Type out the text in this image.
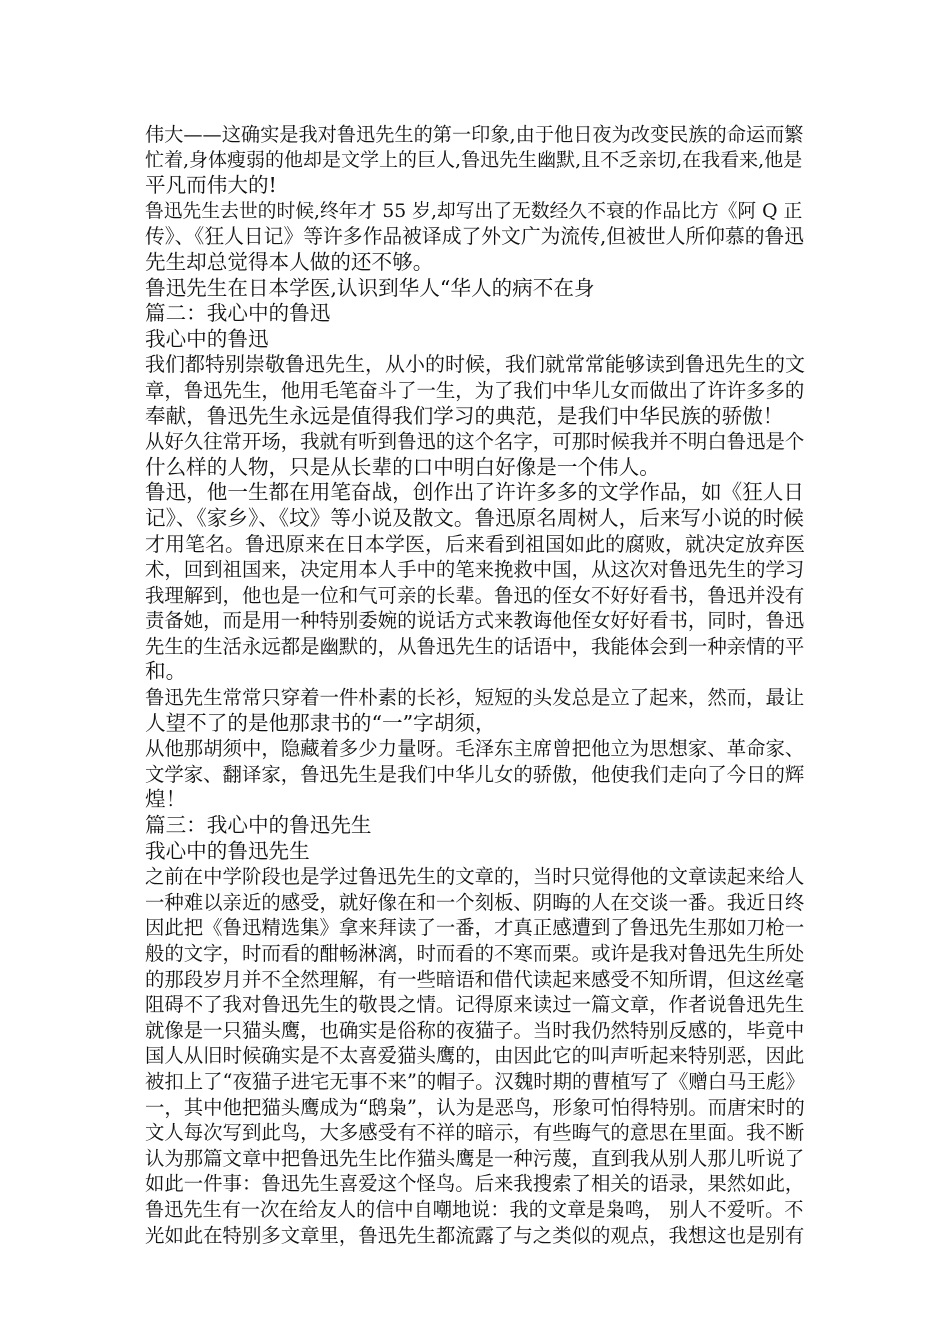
伟大——这确实是我对鲁迅先生的第一印象,由于他日夜为改变民族的命运而繁
忙着,身体瘦弱的他却是文学上的巨人,鲁迅先生幽默,且不乏亲切,在我看来,他是
平凡而伟大的!
鲁迅先生去世的时候,终年才 55 岁,却写出了无数经久不衰的作品比方《阿 Q 正
传》、《狂人日记》等许多作品被译成了外文广为流传,但被世人所仰慕的鲁迅
先生却总觉得本人做的还不够。
鲁迅先生在日本学医,认识到华人“华人的病不在身
篇二：我心中的鲁迅
我心中的鲁迅
我们都特别崇敬鲁迅先生，从小的时候，我们就常常能够读到鲁迅先生的文
章，鲁迅先生，他用毛笔奋斗了一生，为了我们中华儿女而做出了许许多多的
奉献，鲁迅先生永远是值得我们学习的典范，是我们中华民族的骄傲！
从好久往常开场，我就有听到鲁迅的这个名字，可那时候我并不明白鲁迅是个
什么样的人物，只是从长辈的口中明白好像是一个伟人。
鲁迅，他一生都在用笔奋战，创作出了许许多多的文学作品，如《狂人日
记》、《家乡》、《坟》等小说及散文。鲁迅原名周树人，后来写小说的时候
才用笔名。鲁迅原来在日本学医，后来看到祖国如此的腐败，就决定放弃医
术，回到祖国来，决定用本人手中的笔来挽救中国，从这次对鲁迅先生的学习
我理解到，他也是一位和气可亲的长辈。鲁迅的侄女不好好看书，鲁迅并没有
责备她，而是用一种特别委婉的说话方式来教诲他侄女好好看书，同时，鲁迅
先生的生活永远都是幽默的，从鲁迅先生的话语中，我能体会到一种亲情的平
和。
鲁迅先生常常只穿着一件朴素的长衫，短短的头发总是立了起来，然而，最让
人望不了的是他那隶书的“一”字胡须，
从他那胡须中，隐藏着多少力量呀。毛泽东主席曾把他立为思想家、革命家、
文学家、翻译家，鲁迅先生是我们中华儿女的骄傲，他使我们走向了今日的辉
煌！
篇三：我心中的鲁迅先生
我心中的鲁迅先生
之前在中学阶段也是学过鲁迅先生的文章的，当时只觉得他的文章读起来给人
一种难以亲近的感受，就好像在和一个刻板、阴晦的人在交谈一番。我近日终
因此把《鲁迅精选集》拿来拜读了一番，才真正感遭到了鲁迅先生那如刀枪一
般的文字，时而看的酣畅淋漓，时而看的不寒而栗。或许是我对鲁迅先生所处
的那段岁月并不全然理解，有一些暗语和借代读起来感受不知所谓，但这丝毫
阻碍不了我对鲁迅先生的敬畏之情。记得原来读过一篇文章，作者说鲁迅先生
就像是一只猫头鹰，也确实是俗称的夜猫子。当时我仍然特别反感的，毕竟中
国人从旧时候确实是不太喜爱猫头鹰的，由因此它的叫声听起来特别恶，因此
被扣上了“夜猫子进宅无事不来”的帽子。汉魏时期的曹植写了《赠白马王彪》
一，其中他把猫头鹰成为“鸱枭”，认为是恶鸟，形象可怕得特别。而唐宋时的
文人每次写到此鸟，大多感受有不祥的暗示，有些晦气的意思在里面。我不断
认为那篇文章中把鲁迅先生比作猫头鹰是一种污蔑，直到我从别人那儿听说了
如此一件事：鲁迅先生喜爱这个怪鸟。后来我搜索了相关的语录，果然如此，
鲁迅先生有一次在给友人的信中自嘲地说：我的文章是枭鸣， 别人不爱听。不
光如此在特别多文章里，鲁迅先生都流露了与之类似的观点，我想这也是别有
